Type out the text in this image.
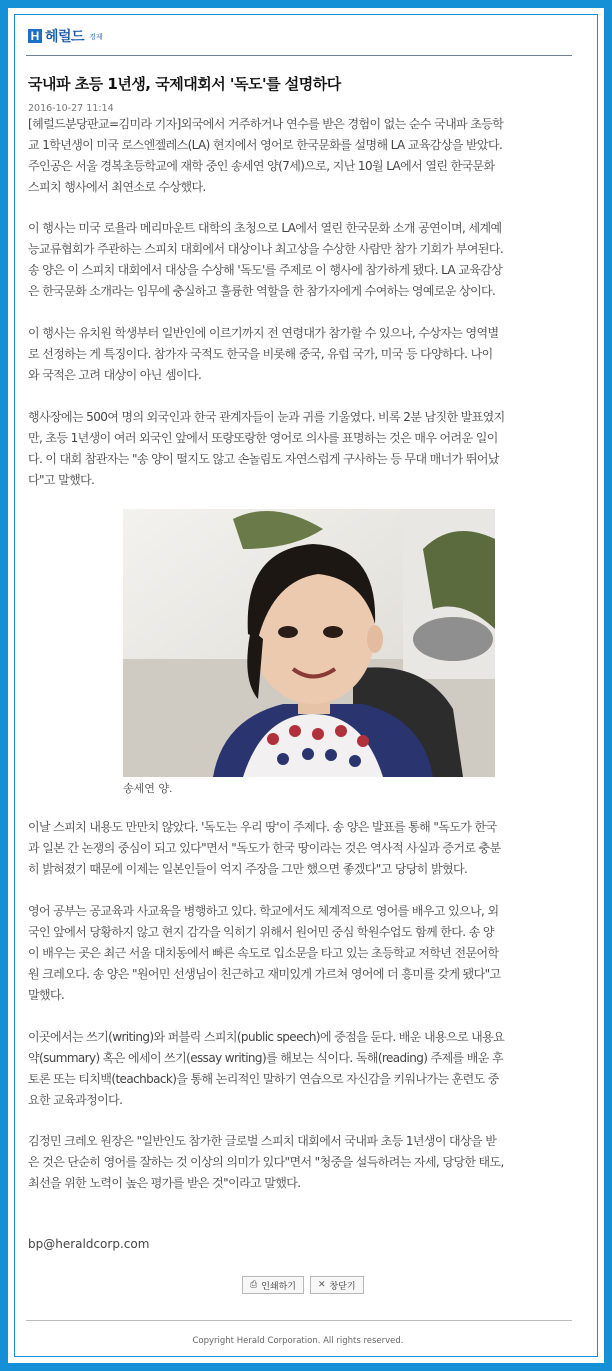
H 헤럴드 경제
국내파 초등 1년생, 국제대회서 '독도'를 설명하다
2016-10-27 11:14
[헤럴드분당판교=김미라 기자]외국에서 거주하거나 연수를 받은 경험이 없는 순수 국내파 초등학
교 1학년생이 미국 로스엔젤레스(LA) 현지에서 영어로 한국문화를 설명해 LA 교육감상을 받았다.
주인공은 서울 경복초등학교에 재학 중인 송세연 양(7세)으로, 지난 10월 LA에서 열린 한국문화
스피치 행사에서 최연소로 수상했다.
이 행사는 미국 로욜라 메리마운트 대학의 초청으로 LA에서 열린 한국문화 소개 공연이며, 세계예
능교류협회가 주관하는 스피치 대회에서 대상이나 최고상을 수상한 사람만 참가 기회가 부여된다.
송 양은 이 스피치 대회에서 대상을 수상해 '독도'를 주제로 이 행사에 참가하게 됐다. LA 교육감상
은 한국문화 소개라는 임무에 충실하고 훌륭한 역할을 한 참가자에게 수여하는 영예로운 상이다.
이 행사는 유치원 학생부터 일반인에 이르기까지 전 연령대가 참가할 수 있으나, 수상자는 영역별
로 선정하는 게 특징이다. 참가자 국적도 한국을 비롯해 중국, 유럽 국가, 미국 등 다양하다. 나이
와 국적은 고려 대상이 아닌 셈이다.
행사장에는 500여 명의 외국인과 한국 관계자들이 눈과 귀를 기울였다. 비록 2분 남짓한 발표였지
만, 초등 1년생이 여러 외국인 앞에서 또랑또랑한 영어로 의사를 표명하는 것은 매우 어려운 일이
다. 이 대회 참관자는 "송 양이 떨지도 않고 손놀림도 자연스럽게 구사하는 등 무대 매너가 뛰어났
다"고 말했다.
이날 스피치 내용도 만만치 않았다. '독도는 우리 땅'이 주제다. 송 양은 발표를 통해 "독도가 한국
과 일본 간 논쟁의 중심이 되고 있다"면서 "독도가 한국 땅이라는 것은 역사적 사실과 증거로 충분
히 밝혀졌기 때문에 이제는 일본인들이 억지 주장을 그만 했으면 좋겠다"고 당당히 밝혔다.
영어 공부는 공교육과 사교육을 병행하고 있다. 학교에서도 체계적으로 영어를 배우고 있으나, 외
국인 앞에서 당황하지 않고 현지 감각을 익히기 위해서 원어민 중심 학원수업도 함께 한다. 송 양
이 배우는 곳은 최근 서울 대치동에서 빠른 속도로 입소문을 타고 있는 초등학교 저학년 전문어학
원 크레오다. 송 양은 "원어민 선생님이 친근하고 재미있게 가르쳐 영어에 더 흥미를 갖게 됐다"고
말했다.
이곳에서는 쓰기(writing)와 퍼블릭 스피치(public speech)에 중점을 둔다. 배운 내용으로 내용요
약(summary) 혹은 에세이 쓰기(essay writing)를 해보는 식이다. 독해(reading) 주제를 배운 후
토론 또는 티치백(teachback)을 통해 논리적인 말하기 연습으로 자신감을 키워나가는 훈련도 중
요한 교육과정이다.
김정민 크레오 원장은 "일반인도 참가한 글로벌 스피치 대회에서 국내파 초등 1년생이 대상을 받
은 것은 단순히 영어를 잘하는 것 이상의 의미가 있다"면서 "청중을 설득하려는 자세, 당당한 태도,
최선을 위한 노력이 높은 평가를 받은 것"이라고 말했다.
송세연 양.
bp@heraldcorp.com
⎙ 인쇄하기 ✕ 창닫기
Copyright Herald Corporation. All rights reserved.
